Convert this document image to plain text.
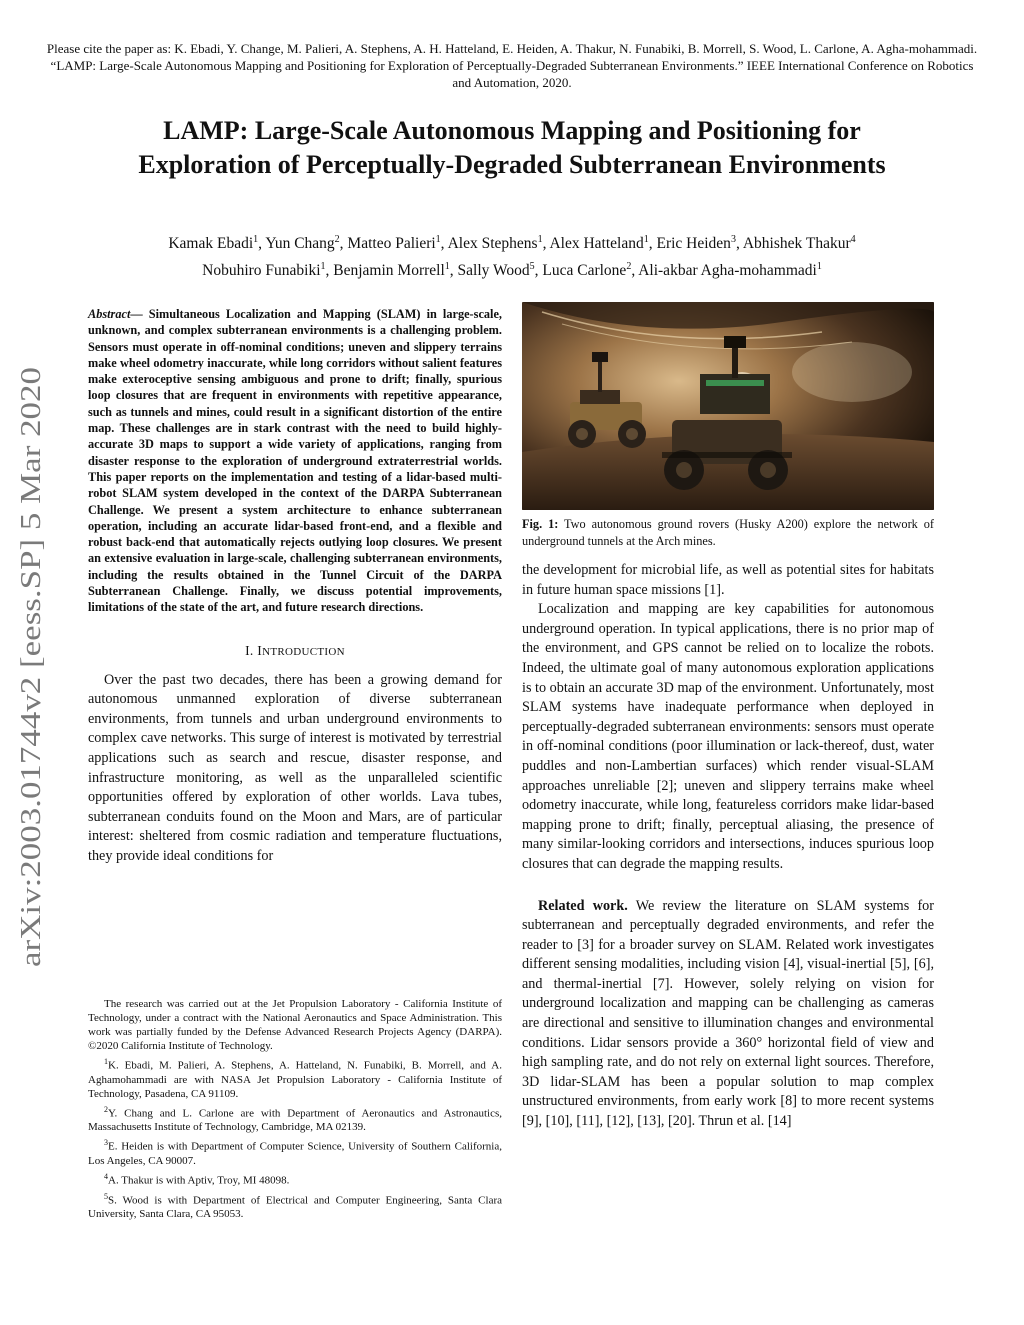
Please cite the paper as: K. Ebadi, Y. Change, M. Palieri, A. Stephens, A. H. Hatteland, E. Heiden, A. Thakur, N. Funabiki, B. Morrell, S. Wood, L. Carlone, A. Agha-mohammadi. “LAMP: Large-Scale Autonomous Mapping and Positioning for Exploration of Perceptually-Degraded Subterranean Environments.” IEEE International Conference on Robotics and Automation, 2020.
LAMP: Large-Scale Autonomous Mapping and Positioning for
Exploration of Perceptually-Degraded Subterranean Environments
Kamak Ebadi$^1$, Yun Chang$^2$, Matteo Palieri$^1$, Alex Stephens$^1$, Alex Hatteland$^1$, Eric Heiden$^3$, Abhishek Thakur$^4$
Nobuhiro Funabiki$^1$, Benjamin Morrell$^1$, Sally Wood$^5$, Luca Carlone$^2$, Ali-akbar Agha-mohammadi$^1$
arXiv:2003.01744v2 [eess.SP] 5 Mar 2020

Abstract— Simultaneous Localization and Mapping (SLAM) in large-scale, unknown, and complex subterranean environments is a challenging problem. Sensors must operate in off-nominal conditions; uneven and slippery terrains make wheel odometry inaccurate, while long corridors without salient features make exteroceptive sensing ambiguous and prone to drift; finally, spurious loop closures that are frequent in environments with repetitive appearance, such as tunnels and mines, could result in a significant distortion of the entire map. These challenges are in stark contrast with the need to build highly-accurate 3D maps to support a wide variety of applications, ranging from disaster response to the exploration of underground extraterrestrial worlds. This paper reports on the implementation and testing of a lidar-based multi-robot SLAM system developed in the context of the DARPA Subterranean Challenge. We present a system architecture to enhance subterranean operation, including an accurate lidar-based front-end, and a flexible and robust back-end that automatically rejects outlying loop closures. We present an extensive evaluation in large-scale, challenging subterranean environments, including the results obtained in the Tunnel Circuit of the DARPA Subterranean Challenge. Finally, we discuss potential improvements, limitations of the state of the art, and future research directions.

I. INTRODUCTION

Over the past two decades, there has been a growing demand for autonomous unmanned exploration of diverse subterranean environments, from tunnels and urban underground environments to complex cave networks. This surge of interest is motivated by terrestrial applications such as search and rescue, disaster response, and infrastructure monitoring, as well as the unparalleled scientific opportunities offered by exploration of other worlds. Lava tubes, subterranean conduits found on the Moon and Mars, are of particular interest: sheltered from cosmic radiation and temperature fluctuations, they provide ideal conditions for

The research was carried out at the Jet Propulsion Laboratory - California Institute of Technology, under a contract with the National Aeronautics and Space Administration. This work was partially funded by the Defense Advanced Research Projects Agency (DARPA). ©2020 California Institute of Technology.

$^1$K. Ebadi, M. Palieri, A. Stephens, A. Hatteland, N. Funabiki, B. Morrell, and A. Aghamohammadi are with NASA Jet Propulsion Laboratory - California Institute of Technology, Pasadena, CA 91109.

$^2$Y. Chang and L. Carlone are with Department of Aeronautics and Astronautics, Massachusetts Institute of Technology, Cambridge, MA 02139.

$^3$E. Heiden is with Department of Computer Science, University of Southern California, Los Angeles, CA 90007.

$^4$A. Thakur is with Aptiv, Troy, MI 48098.

$^5$S. Wood is with Department of Electrical and Computer Engineering, Santa Clara University, Santa Clara, CA 95053.

Fig. 1: Two autonomous ground rovers (Husky A200) explore the network of underground tunnels at the Arch mines.

the development for microbial life, as well as potential sites for habitats in future human space missions [1].

Localization and mapping are key capabilities for autonomous underground operation. In typical applications, there is no prior map of the environment, and GPS cannot be relied on to localize the robots. Indeed, the ultimate goal of many autonomous exploration applications is to obtain an accurate 3D map of the environment. Unfortunately, most SLAM systems have inadequate performance when deployed in perceptually-degraded subterranean environments: sensors must operate in off-nominal conditions (poor illumination or lack-thereof, dust, water puddles and non-Lambertian surfaces) which render visual-SLAM approaches unreliable [2]; uneven and slippery terrains make wheel odometry inaccurate, while long, featureless corridors make lidar-based mapping prone to drift; finally, perceptual aliasing, the presence of many similar-looking corridors and intersections, induces spurious loop closures that can degrade the mapping results.

Related work. We review the literature on SLAM systems for subterranean and perceptually degraded environments, and refer the reader to [3] for a broader survey on SLAM. Related work investigates different sensing modalities, including vision [4], visual-inertial [5], [6], and thermal-inertial [7]. However, solely relying on vision for underground localization and mapping can be challenging as cameras are directional and sensitive to illumination changes and environmental conditions. Lidar sensors provide a 360° horizontal field of view and high sampling rate, and do not rely on external light sources. Therefore, 3D lidar-SLAM has been a popular solution to map complex unstructured environments, from early work [8] to more recent systems [9], [10], [11], [12], [13], [20]. Thrun et al. [14]
